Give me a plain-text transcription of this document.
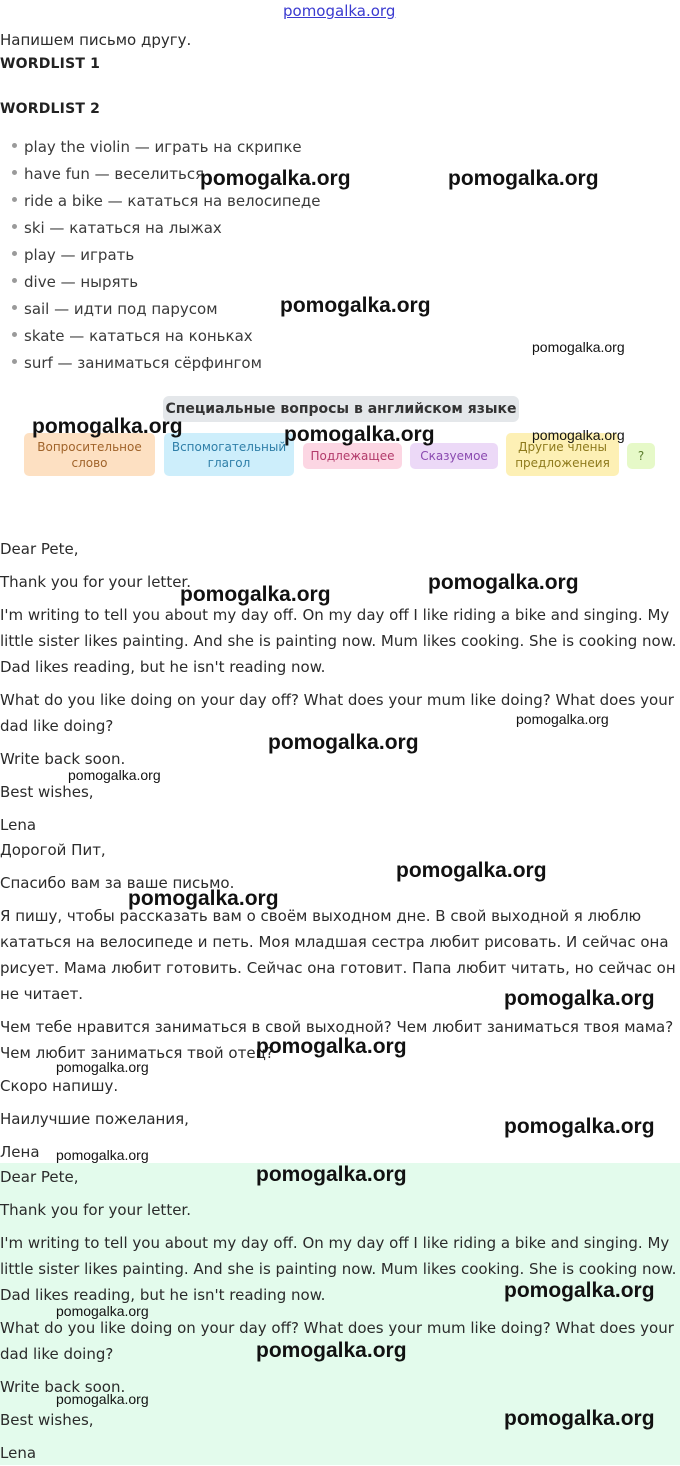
pomogalka.org
Напишем письмо другу.
WORDLIST 1
WORDLIST 2
play the violin — играть на скрипке
have fun — веселиться
ride a bike — кататься на велосипеде
ski — кататься на лыжах
play — играть
dive — нырять
sail — идти под парусом
skate — кататься на коньках
surf — заниматься сёрфингом
Специальные вопросы в английском языке
Вопросительное слово
Вспомогательный глагол	Подлежащее	Сказуемое
Другие члены предложенеия	?

Dear Pete,

Thank you for your letter.

I'm writing to tell you about my day off. On my day off I like riding a bike and singing. My little sister likes painting. And she is painting now. Mum likes cooking. She is cooking now. Dad likes reading, but he isn't reading now.

What do you like doing on your day off? What does your mum like doing? What does your dad like doing?

Write back soon.

Best wishes,

Lena

Дорогой Пит,

Спасибо вам за ваше письмо.

Я пишу, чтобы рассказать вам о своём выходном дне. В свой выходной я люблю кататься на велосипеде и петь. Моя младшая сестра любит рисовать. И сейчас она рисует. Мама любит готовить. Сейчас она готовит. Папа любит читать, но сейчас он не читает.

Чем тебе нравится заниматься в свой выходной? Чем любит заниматься твоя мама? Чем любит заниматься твой отец?

Скоро напишу.

Наилучшие пожелания,

Лена

Dear Pete,

Thank you for your letter.

I'm writing to tell you about my day off. On my day off I like riding a bike and singing. My little sister likes painting. And she is painting now. Mum likes cooking. She is cooking now. Dad likes reading, but he isn't reading now.

What do you like doing on your day off? What does your mum like doing? What does your dad like doing?

Write back soon.

Best wishes,

Lena

pomogalka.org	pomogalka.org
pomogalka.org
pomogalka.org
pomogalka.org	pomogalka.org	pomogalka.org
pomogalka.org
pomogalka.org
pomogalka.org
pomogalka.org
pomogalka.org
pomogalka.org
pomogalka.org
pomogalka.org
pomogalka.org
pomogalka.org
pomogalka.org
pomogalka.org
pomogalka.org
pomogalka.org
pomogalka.org
pomogalka.org
pomogalka.org
pomogalka.org
